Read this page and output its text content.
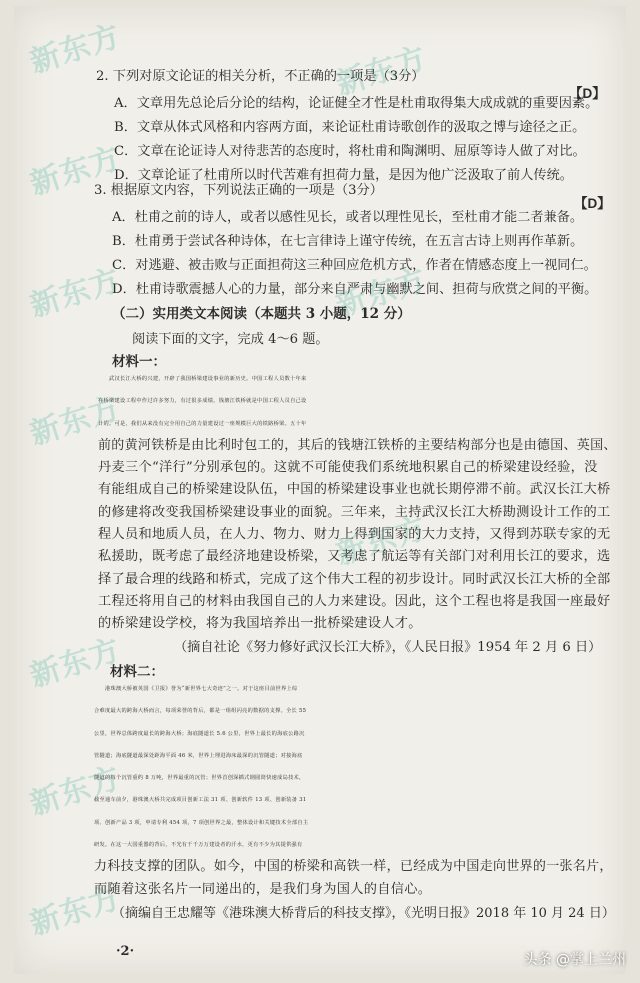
新东方	新东方
新东方
新东方	新东方
新东方
新东方
新东方
新东方
新东方
2. 下列对原文论证的相关分析，不正确的一项是（3分）
【D】
A．文章用先总论后分论的结构，论证健全才性是杜甫取得集大成成就的重要因素。
B．文章从体式风格和内容两方面，来论证杜甫诗歌创作的汲取之博与途径之正。
C．文章在论证诗人对待悲苦的态度时，将杜甫和陶渊明、屈原等诗人做了对比。
D．文章论证了杜甫所以时代苦难有担荷力量，是因为他广泛汲取了前人传统。
3. 根据原文内容，下列说法正确的一项是（3分）
【D】
A．杜甫之前的诗人，或者以感性见长，或者以理性见长，至杜甫才能二者兼备。
B．杜甫勇于尝试各种诗体，在七言律诗上谨守传统，在五言古诗上则再作革新。
C．对逃避、被击败与正面担荷这三种回应危机方式，作者在情感态度上一视同仁。
D．杜甫诗歌震撼人心的力量，部分来自严肃与幽默之间、担荷与欣赏之间的平衡。
（二）实用类文本阅读（本题共 3 小题，12 分）
阅读下面的文字，完成 4～6 题。
材料一：

　　武汉长江大桥的兴建，开辟了我国桥梁建设事业的新历史。中国工程人员数十年来

在桥梁建设工程中作过许多努力，有过很多成绩，钱塘江铁桥就是中国工程人员自己设

计的。可是，我们从来没有完全用自己的力量建设过一座规模巨大的铁路桥梁。五十年

前的黄河铁桥是由比利时包工的，其后的钱塘江铁桥的主要结构部分也是由德国、英国、

丹麦三个“洋行”分别承包的。这就不可能使我们系统地积累自己的桥梁建设经验，没

有能组成自己的桥梁建设队伍，中国的桥梁建设事业也就长期停滞不前。武汉长江大桥

的修建将改变我国桥梁建设事业的面貌。三年来，主持武汉长江大桥勘测设计工作的工

程人员和地质人员，在人力、物力、财力上得到国家的大力支持，又得到苏联专家的无

私援助，既考虑了最经济地建设桥梁，又考虑了航运等有关部门对利用长江的要求，选

择了最合理的线路和桥式，完成了这个伟大工程的初步设计。同时武汉长江大桥的全部

工程还将用自己的材料由我国自己的人力来建设。因此，这个工程也将是我国一座最好

的桥梁建设学校，将为我国培养出一批桥梁建设人才。

（摘自社论《努力修好武汉长江大桥》，《人民日报》1954 年 2 月 6 日）
材料二：

　　港珠澳大桥被英国《卫报》誉为“新世界七大奇迹”之一。对于这座目前世界上综

合难度最大的跨海大桥而言，每项荣誉的背后，都是一组组闪亮的数据的支撑。全长 55

公里，世界总体跨度最长的跨海大桥；海底隧道长 5.6 公里，世界上最长的海底公路沉

管隧道；海底隧道最深处距海平面 46 米，世界上埋进海床最深的沉管隧道；对接海底

隧道的每个沉管重约 8 万吨，世界最重的沉管；世界首创深插式钢圆筒快速成岛技术，

截至通车前夕，港珠澳大桥共完成项目创新工法 31 项、创新软件 13 项、创新装备 31

项、创新产品 3 项，申请专利 454 项，7 项创世界之最，整体设计和关键技术全部自主

研发。在这一大国重器的背后，不光有千千万万建设者的汗水，更有不少为其提供强有

力科技支撑的团队。如今，中国的桥梁和高铁一样，已经成为中国走向世界的一张名片，

而随着这张名片一同递出的，是我们身为国人的自信心。

（摘编自王忠耀等《港珠澳大桥背后的科技支撑》，《光明日报》2018 年 10 月 24 日）
·2·
头条 @掌上兰州
